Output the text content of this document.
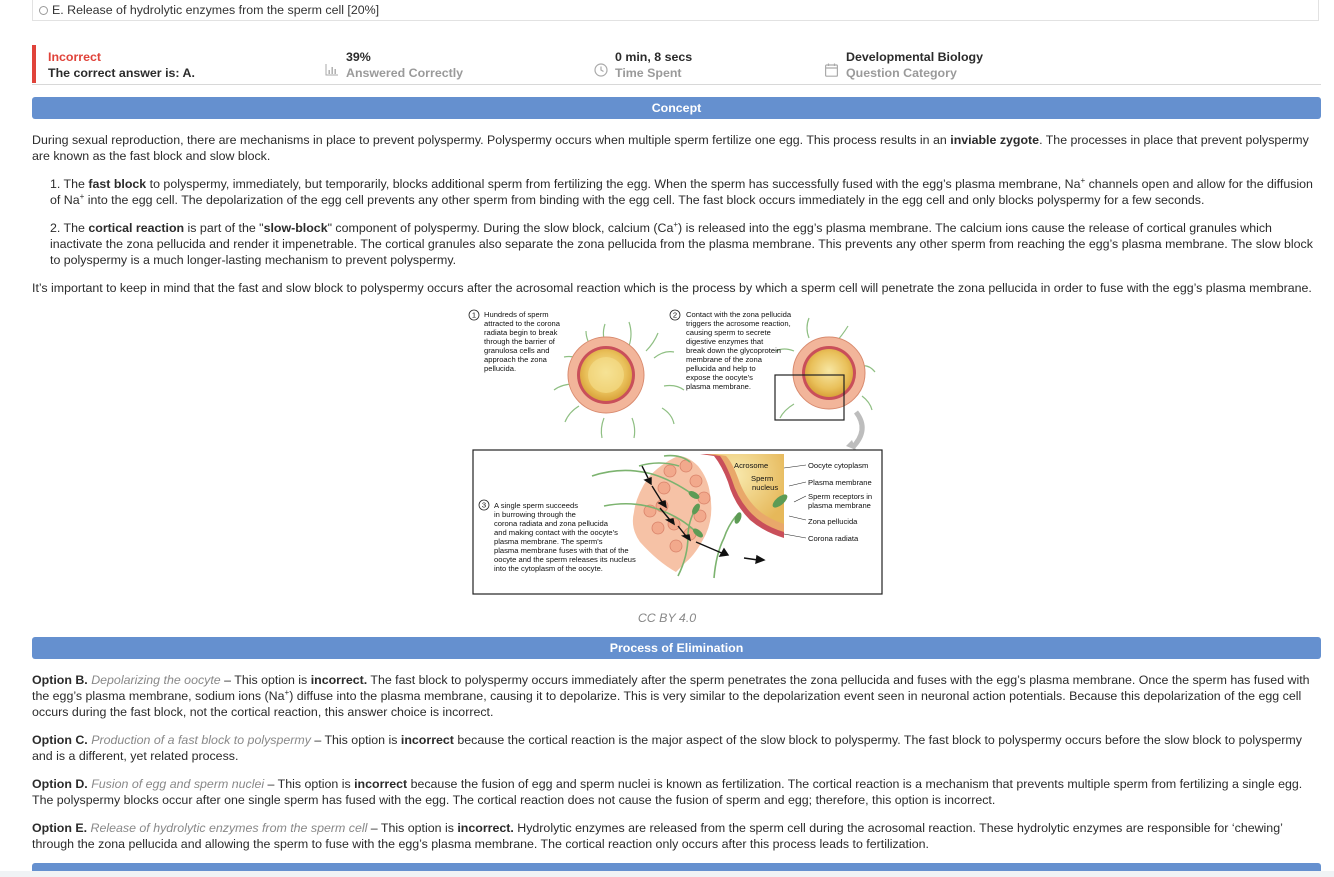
E. Release of hydrolytic enzymes from the sperm cell [20%]
Incorrect
The correct answer is: A.
39%
Answered Correctly
0 min, 8 secs
Time Spent
Developmental Biology
Question Category
Concept

During sexual reproduction, there are mechanisms in place to prevent polyspermy. Polyspermy occurs when multiple sperm fertilize one egg. This process results in an inviable zygote. The processes in place that prevent polyspermy are known as the fast block and slow block.

1. The fast block to polyspermy, immediately, but temporarily, blocks additional sperm from fertilizing the egg. When the sperm has successfully fused with the egg’s plasma membrane, Na+ channels open and allow for the diffusion of Na+ into the egg cell. The depolarization of the egg cell prevents any other sperm from binding with the egg cell. The fast block occurs immediately in the egg cell and only blocks polyspermy for a few seconds.

2. The cortical reaction is part of the "slow-block" component of polyspermy. During the slow block, calcium (Ca+) is released into the egg’s plasma membrane. The calcium ions cause the release of cortical granules which inactivate the zona pellucida and render it impenetrable. The cortical granules also separate the zona pellucida from the plasma membrane. This prevents any other sperm from reaching the egg’s plasma membrane. The slow block to polyspermy is a much longer-lasting mechanism to prevent polyspermy.

It’s important to keep in mind that the fast and slow block to polyspermy occurs after the acrosomal reaction which is the process by which a sperm cell will penetrate the zona pellucida in order to fuse with the egg’s plasma membrane.
1 Hundreds of sperm
attracted to the corona
radiata begin to break
through the barrier of
granulosa cells and
approach the zona
pellucida.
2 Contact with the zona pellucida
triggers the acrosome reaction,
causing sperm to secrete
digestive enzymes that
break down the glycoprotein
membrane of the zona
pellucida and help to
expose the oocyte's
plasma membrane.
Acrosome
Sperm
nucleus
Oocyte cytoplasm
Plasma membrane
Sperm receptors in
plasma membrane
Zona pellucida
Corona radiata
3 A single sperm succeeds
in burrowing through the
corona radiata and zona pellucida
and making contact with the oocyte's
plasma membrane. The sperm's
plasma membrane fuses with that of the
oocyte and the sperm releases its nucleus
into the cytoplasm of the oocyte.
CC BY 4.0
Process of Elimination

Option B. Depolarizing the oocyte – This option is incorrect. The fast block to polyspermy occurs immediately after the sperm penetrates the zona pellucida and fuses with the egg’s plasma membrane. Once the sperm has fused with the egg’s plasma membrane, sodium ions (Na+) diffuse into the plasma membrane, causing it to depolarize. This is very similar to the depolarization event seen in neuronal action potentials. Because this depolarization of the egg cell occurs during the fast block, not the cortical reaction, this answer choice is incorrect.

Option C. Production of a fast block to polyspermy – This option is incorrect because the cortical reaction is the major aspect of the slow block to polyspermy. The fast block to polyspermy occurs before the slow block to polyspermy and is a different, yet related process.

Option D. Fusion of egg and sperm nuclei – This option is incorrect because the fusion of egg and sperm nuclei is known as fertilization. The cortical reaction is a mechanism that prevents multiple sperm from fertilizing a single egg. The polyspermy blocks occur after one single sperm has fused with the egg. The cortical reaction does not cause the fusion of sperm and egg; therefore, this option is incorrect.

Option E. Release of hydrolytic enzymes from the sperm cell – This option is incorrect. Hydrolytic enzymes are released from the sperm cell during the acrosomal reaction. These hydrolytic enzymes are responsible for ‘chewing’ through the zona pellucida and allowing the sperm to fuse with the egg’s plasma membrane. The cortical reaction only occurs after this process leads to fertilization.
